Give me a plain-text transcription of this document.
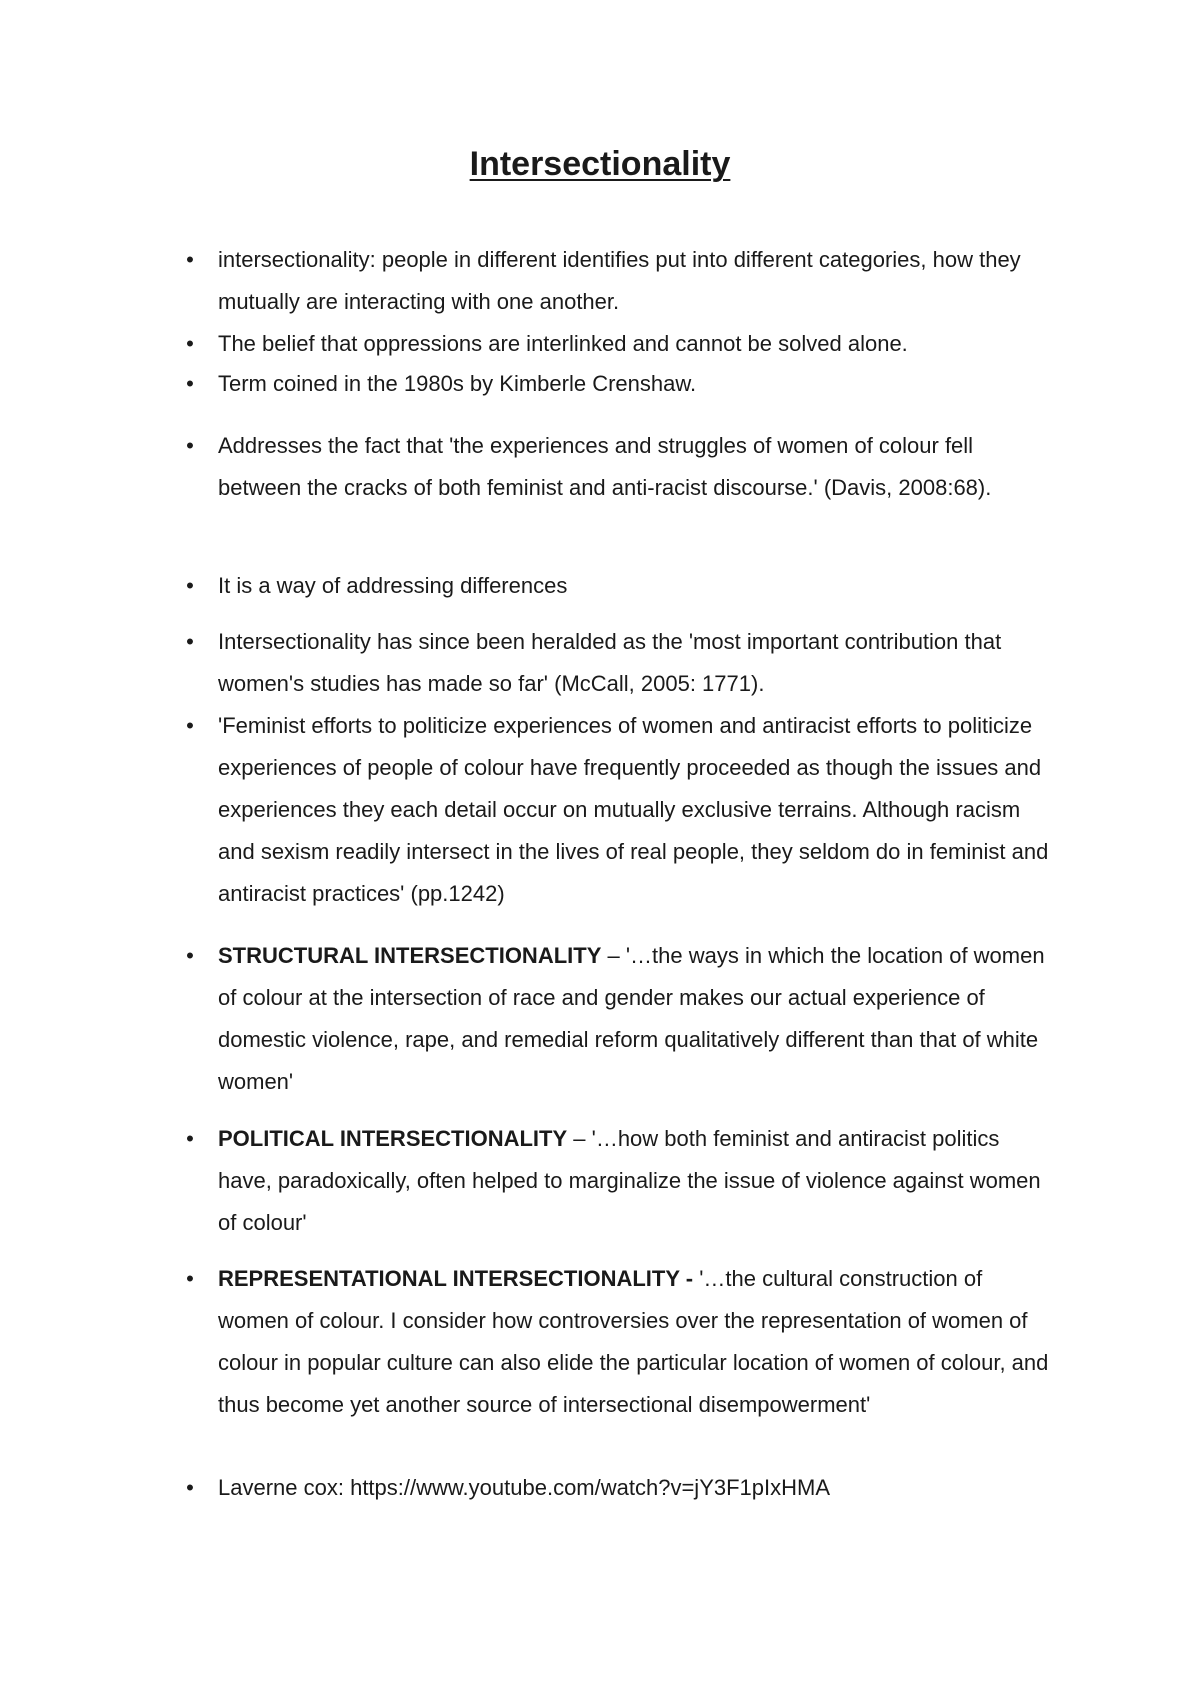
Intersectionality

• intersectionality: people in different identifies put into different categories, how they mutually are interacting with one another.

• The belief that oppressions are interlinked and cannot be solved alone.

• Term coined in the 1980s by Kimberle Crenshaw.

• Addresses the fact that 'the experiences and struggles of women of colour fell between the cracks of both feminist and anti-racist discourse.' (Davis, 2008:68).

• It is a way of addressing differences

• Intersectionality has since been heralded as the 'most important contribution that women's studies has made so far' (McCall, 2005: 1771).

• 'Feminist efforts to politicize experiences of women and antiracist efforts to politicize experiences of people of colour have frequently proceeded as though the issues and experiences they each detail occur on mutually exclusive terrains. Although racism and sexism readily intersect in the lives of real people, they seldom do in feminist and antiracist practices' (pp.1242)

• STRUCTURAL INTERSECTIONALITY – '…the ways in which the location of women of colour at the intersection of race and gender makes our actual experience of domestic violence, rape, and remedial reform qualitatively different than that of white women'

• POLITICAL INTERSECTIONALITY – '…how both feminist and antiracist politics have, paradoxically, often helped to marginalize the issue of violence against women of colour'

• REPRESENTATIONAL INTERSECTIONALITY - '…the cultural construction of women of colour. I consider how controversies over the representation of women of colour in popular culture can also elide the particular location of women of colour, and thus become yet another source of intersectional disempowerment'

• Laverne cox: https://www.youtube.com/watch?v=jY3F1pIxHMA
